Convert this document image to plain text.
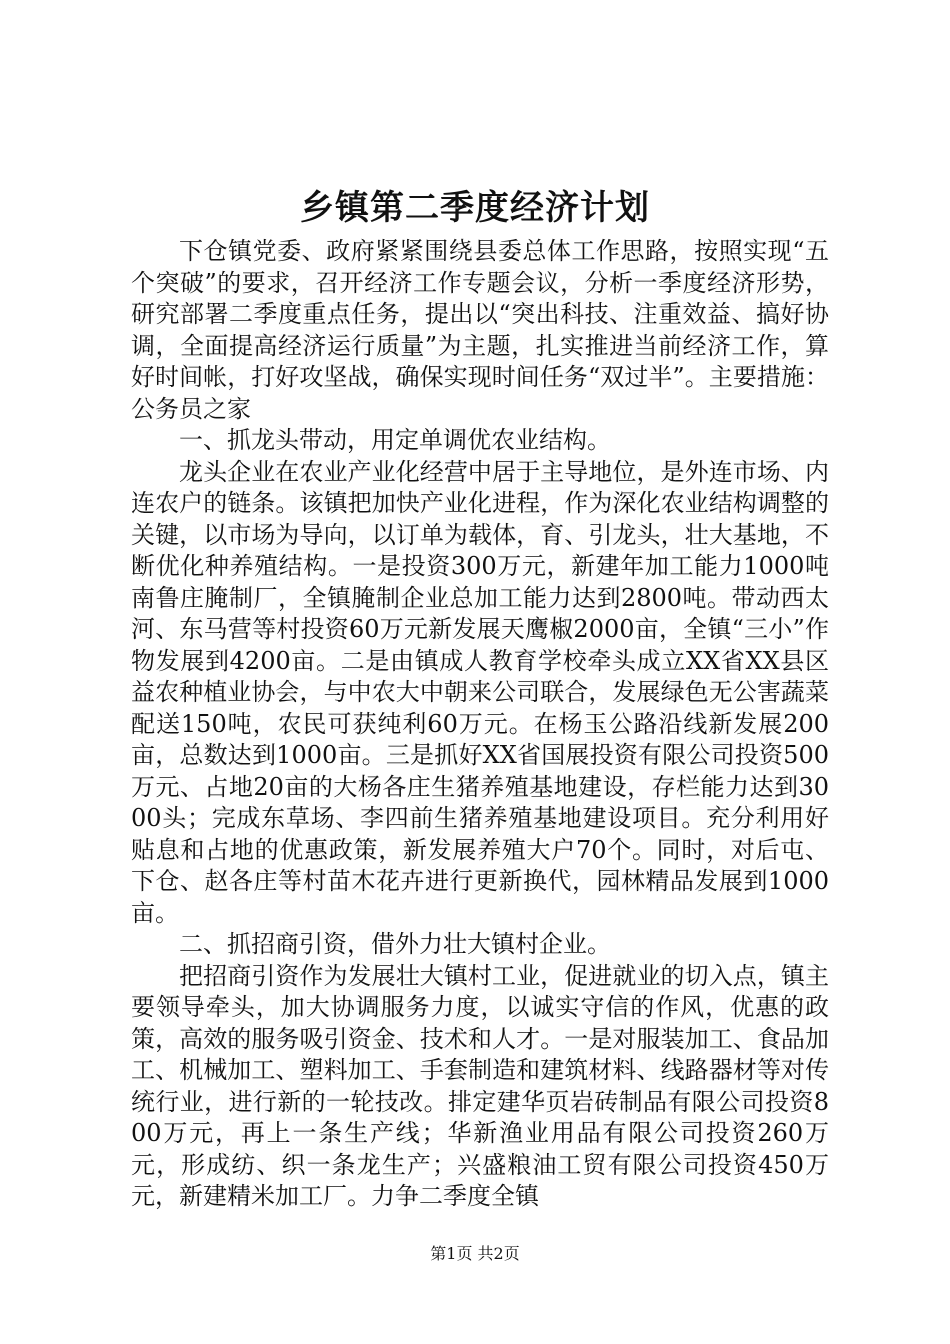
乡镇第二季度经济计划

下仓镇党委、政府紧紧围绕县委总体工作思路，按照实现“五个突破”的要求，召开经济工作专题会议，分析一季度经济形势，研究部署二季度重点任务，提出以“突出科技、注重效益、搞好协调，全面提高经济运行质量”为主题，扎实推进当前经济工作，算好时间帐，打好攻坚战，确保实现时间任务“双过半”。主要措施：公务员之家

一、抓龙头带动，用定单调优农业结构。

龙头企业在农业产业化经营中居于主导地位，是外连市场、内连农户的链条。该镇把加快产业化进程，作为深化农业结构调整的关键，以市场为导向，以订单为载体，育、引龙头，壮大基地，不断优化种养殖结构。一是投资300万元，新建年加工能力1000吨南鲁庄腌制厂，全镇腌制企业总加工能力达到2800吨。带动西太河、东马营等村投资60万元新发展天鹰椒2000亩，全镇“三小”作物发展到4200亩。二是由镇成人教育学校牵头成立XX省XX县区益农种植业协会，与中农大中朝来公司联合，发展绿色无公害蔬菜配送150吨，农民可获纯利60万元。在杨玉公路沿线新发展200亩，总数达到1000亩。三是抓好XX省国展投资有限公司投资500万元、占地20亩的大杨各庄生猪养殖基地建设，存栏能力达到3000头；完成东草场、李四前生猪养殖基地建设项目。充分利用好贴息和占地的优惠政策，新发展养殖大户70个。同时，对后屯、下仓、赵各庄等村苗木花卉进行更新换代，园林精品发展到1000亩。

二、抓招商引资，借外力壮大镇村企业。

把招商引资作为发展壮大镇村工业，促进就业的切入点，镇主要领导牵头，加大协调服务力度，以诚实守信的作风，优惠的政策，高效的服务吸引资金、技术和人才。一是对服装加工、食品加工、机械加工、塑料加工、手套制造和建筑材料、线路器材等对传统行业，进行新的一轮技改。排定建华页岩砖制品有限公司投资800万元，再上一条生产线；华新渔业用品有限公司投资260万元，形成纺、织一条龙生产；兴盛粮油工贸有限公司投资450万元，新建精米加工厂。力争二季度全镇

第1页 共2页
